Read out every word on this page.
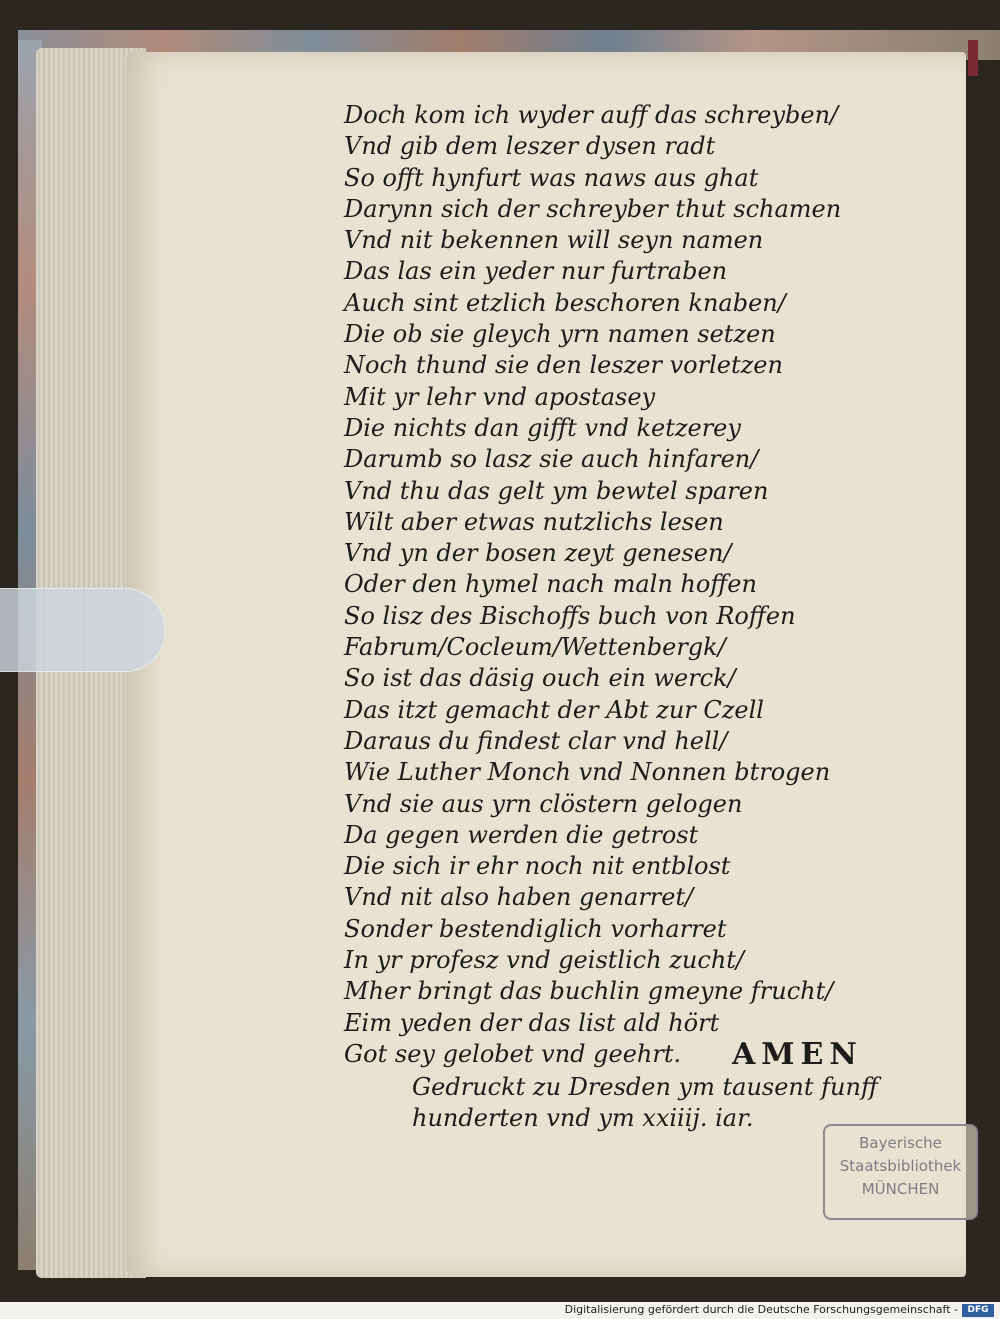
Doch kom ich wyder auff das schreyben/
Vnd gib dem leszer dysen radt
So offt hynfurt was naws aus ghat
Darynn sich der schreyber thut schamen
Vnd nit bekennen will seyn namen
Das las ein yeder nur furtraben
Auch sint etzlich beschoren knaben/
Die ob sie gleych yrn namen setzen
Noch thund sie den leszer vorletzen
Mit yr lehr vnd apostasey
Die nichts dan gifft vnd ketzerey
Darumb so lasz sie auch hinfaren/
Vnd thu das gelt ym bewtel sparen
Wilt aber etwas nutzlichs lesen
Vnd yn der bosen zeyt genesen/
Oder den hymel nach maln hoffen
So lisz des Bischoffs buch von Roffen
Fabrum/Cocleum/Wettenbergk/
So ist das däsig ouch ein werck/
Das itzt gemacht der Abt zur Czell
Daraus du findest clar vnd hell/
Wie Luther Monch vnd Nonnen btrogen
Vnd sie aus yrn clöstern gelogen
Da gegen werden die getrost
Die sich ir ehr noch nit entblost
Vnd nit also haben genarret/
Sonder bestendiglich vorharret
In yr profesz vnd geistlich zucht/
Mher bringt das buchlin gmeyne frucht/
Eim yeden der das list ald hört
Got sey gelobet vnd geehrt. AMEN
Gedruckt zu Dresden ym tausent funff
hunderten vnd ym xxiiij. iar.
Bayerische
Staatsbibliothek
MÜNCHEN
Digitalisierung gefördert durch die Deutsche Forschungsgemeinschaft -	DFG
